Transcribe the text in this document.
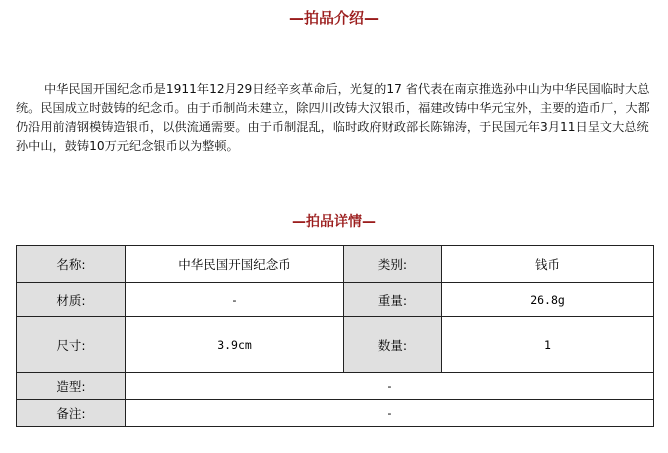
—拍品介绍—

中华民国开国纪念币是1911年12月29日经辛亥革命后，光复的17 省代表在南京推选孙中山为中华民国临时大总统。民国成立时鼓铸的纪念币。由于币制尚未建立，除四川改铸大汉银币，福建改铸中华元宝外，主要的造币厂，大都仍沿用前清钢模铸造银币，以供流通需要。由于币制混乱，临时政府财政部长陈锦涛，于民国元年3月11日呈文大总统孙中山，鼓铸10万元纪念银币以为整顿。

—拍品详情—
名称:	中华民国开国纪念币	类别:	钱币
材质:	-	重量:	26.8g
尺寸:	3.9cm	数量:	1
造型:	-		
备注:	-		
